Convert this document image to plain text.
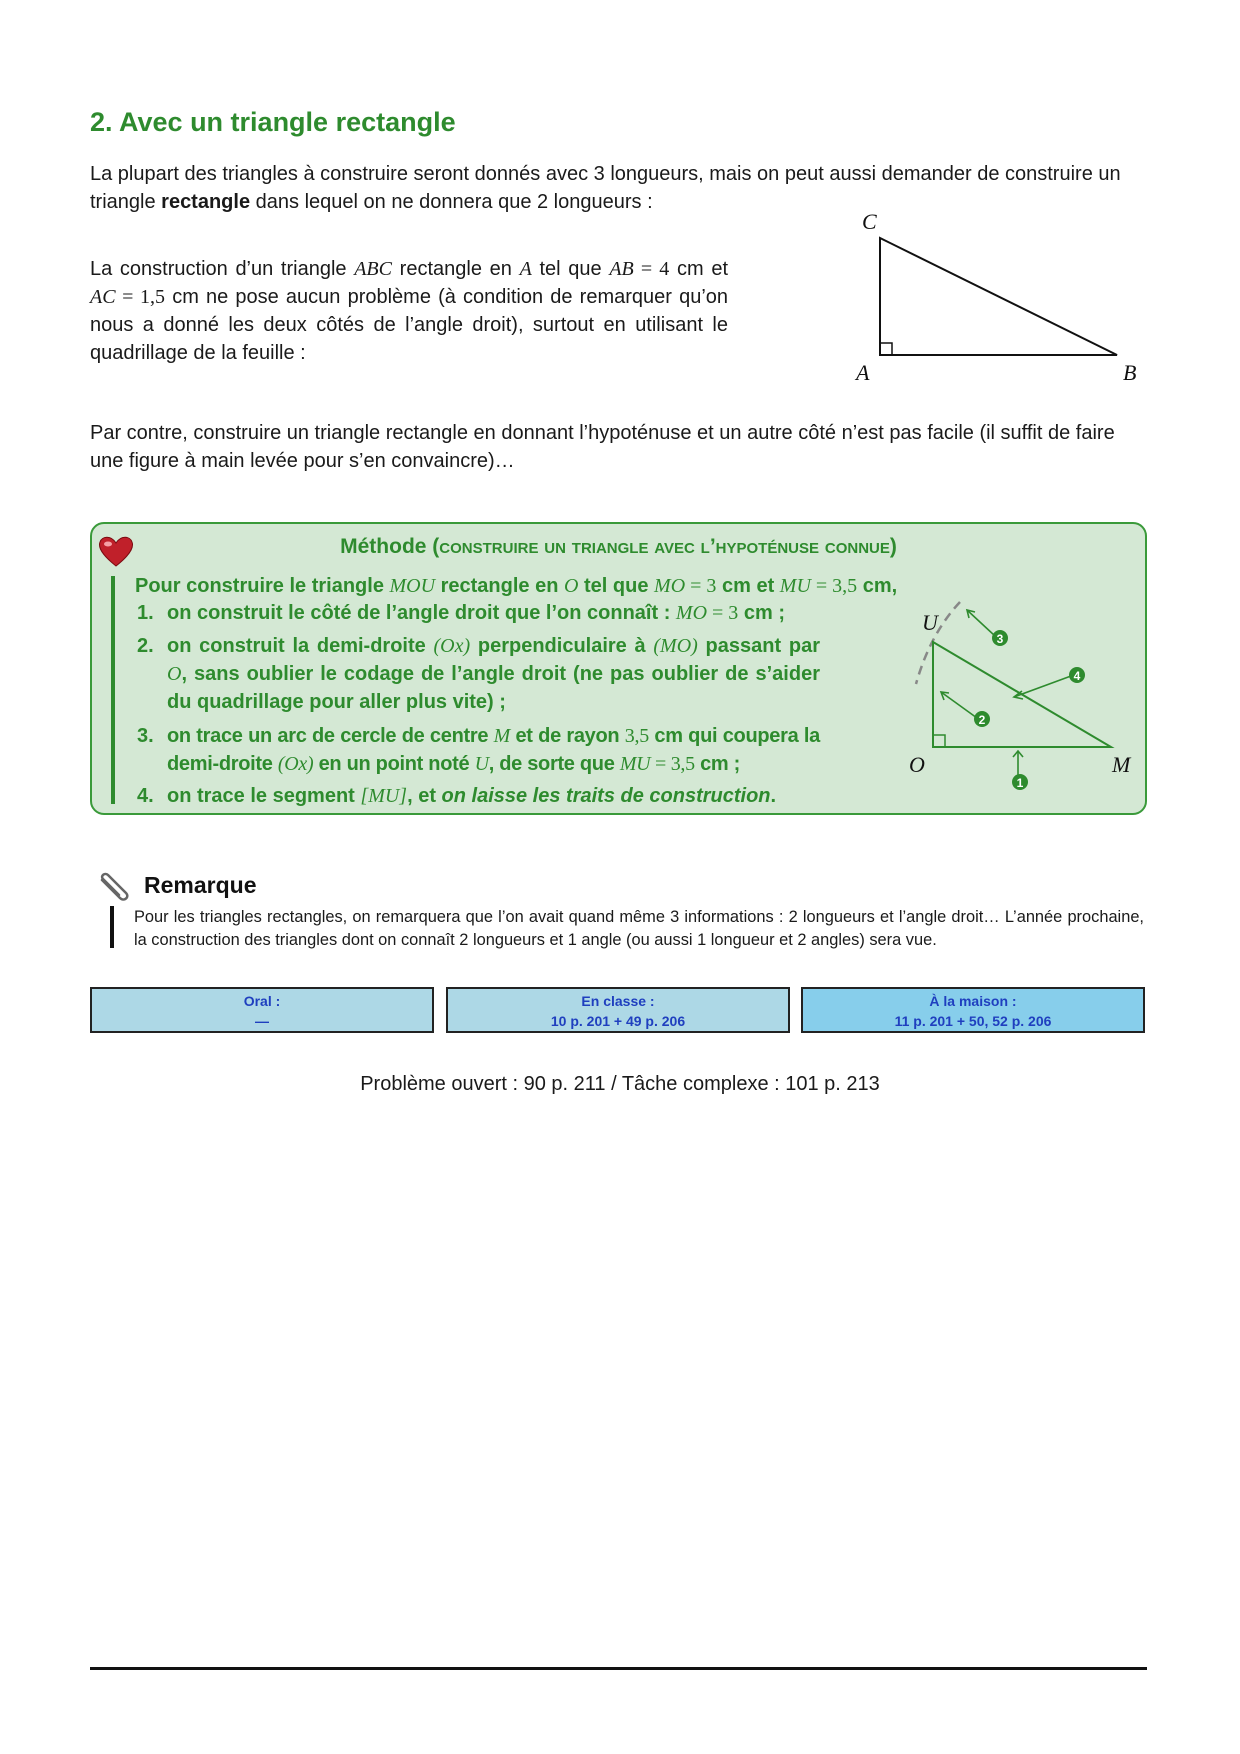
2. Avec un triangle rectangle

La plupart des triangles à construire seront donnés avec 3 longueurs, mais on peut aussi demander de construire un triangle rectangle dans lequel on ne donnera que 2 longueurs :

La construction d’un triangle ABC rectangle en A tel que AB = 4 cm et AC = 1,5 cm ne pose aucun problème (à condition de remarquer qu’on nous a donné les deux côtés de l’angle droit), surtout en utilisant le quadrillage de la feuille :

C
A	B

Par contre, construire un triangle rectangle en donnant l’hypoténuse et un autre côté n’est pas facile (il suffit de faire une figure à main levée pour s’en convaincre)…

Méthode (construire un triangle avec l’hypoténuse connue)
Pour construire le triangle MOU rectangle en O tel que MO = 3 cm et MU = 3,5 cm,
1. on construit le côté de l’angle droit que l’on connaît : MO = 3 cm ;
2. on construit la demi-droite (Ox) perpendiculaire à (MO) passant par O, sans oublier le codage de l’angle droit (ne pas oublier de s’aider du quadrillage pour aller plus vite) ;
3. on trace un arc de cercle de centre M et de rayon 3,5 cm qui coupera la demi-droite (Ox) en un point noté U, de sorte que MU = 3,5 cm ;
4. on trace le segment [MU], et on laisse les traits de construction.
1
2
3
4
U
O	M
Remarque

Pour les triangles rectangles, on remarquera que l’on avait quand même 3 informations : 2 longueurs et l’angle droit… L’année prochaine, la construction des triangles dont on connaît 2 longueurs et 1 angle (ou aussi 1 longueur et 2 angles) sera vue.

Oral :
—
En classe :
10 p. 201 + 49 p. 206
À la maison :
11 p. 201 + 50, 52 p. 206
Problème ouvert : 90 p. 211 / Tâche complexe : 101 p. 213
